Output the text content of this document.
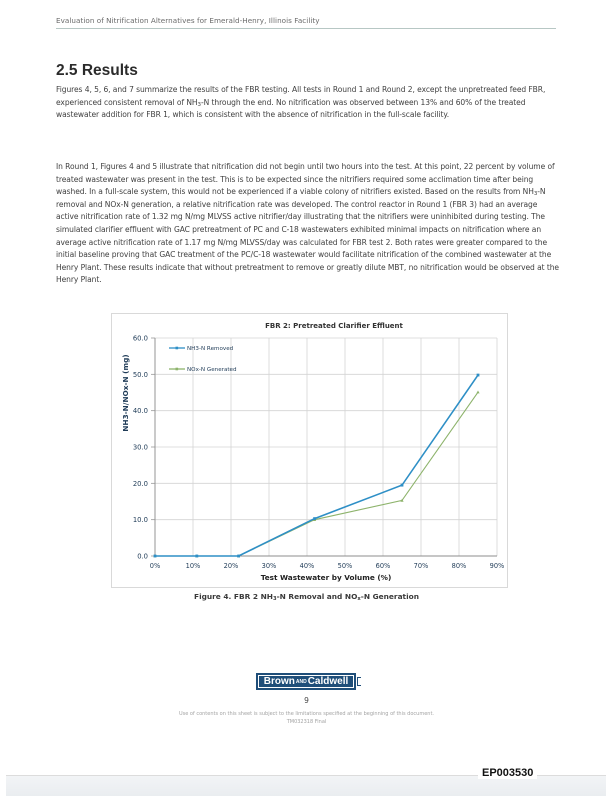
Evaluation of Nitrification Alternatives for Emerald-Henry, Illinois Facility
2.5 Results

Figures 4, 5, 6, and 7 summarize the results of the FBR testing. All tests in Round 1 and Round 2, except the unpretreated feed FBR, experienced consistent removal of $NH_3-N$ through the end. No nitrification was observed between 13% and 60% of the treated wastewater addition for FBR 1, which is consistent with the absence of nitrification in the full-scale facility.

In Round 1, Figures 4 and 5 illustrate that nitrification did not begin until two hours into the test. At this point, 22 percent by volume of treated wastewater was present in the test. This is to be expected since the nitrifiers required some acclimation time after being washed. In a full-scale system, this would not be experienced if a viable colony of nitrifiers existed. Based on the results from $NH_3-N$ removal and NOx-N generation, a relative nitrification rate was developed. The control reactor in Round 1 (FBR 3) had an average active nitrification rate of 1.32 mg N/mg MLVSS active nitrifier/day illustrating that the nitrifiers were uninhibited during testing. The simulated clarifier effluent with GAC pretreatment of PC and C-18 wastewaters exhibited minimal impacts on nitrification where an average active nitrification rate of 1.17 mg N/mg MLVSS/day was calculated for FBR test 2. Both rates were greater compared to the initial baseline proving that GAC treatment of the PC/C-18 wastewater would facilitate nitrification of the combined wastewater at the Henry Plant. These results indicate that without pretreatment to remove or greatly dilute MBT, no nitrification would be observed at the Henry Plant.

FBR 2: Pretreated Clarifier Effluent
0.0
10.0
20.0
30.0
40.0
50.0
60.0
0%	10%	20%	30%	40%	50%	60%	70%	80%	90%
Test Wastewater by Volume (%)
NH3-N/NOx-N (mg)
NH3-N Removed
NOx-N Generated
Figure 4. FBR 2 $NH_3-N$ Removal and $NO_x-N$ Generation
Brown AND Caldwell
9
Use of contents on this sheet is subject to the limitations specified at the beginning of this document.
TM032318 Final
EP003530
